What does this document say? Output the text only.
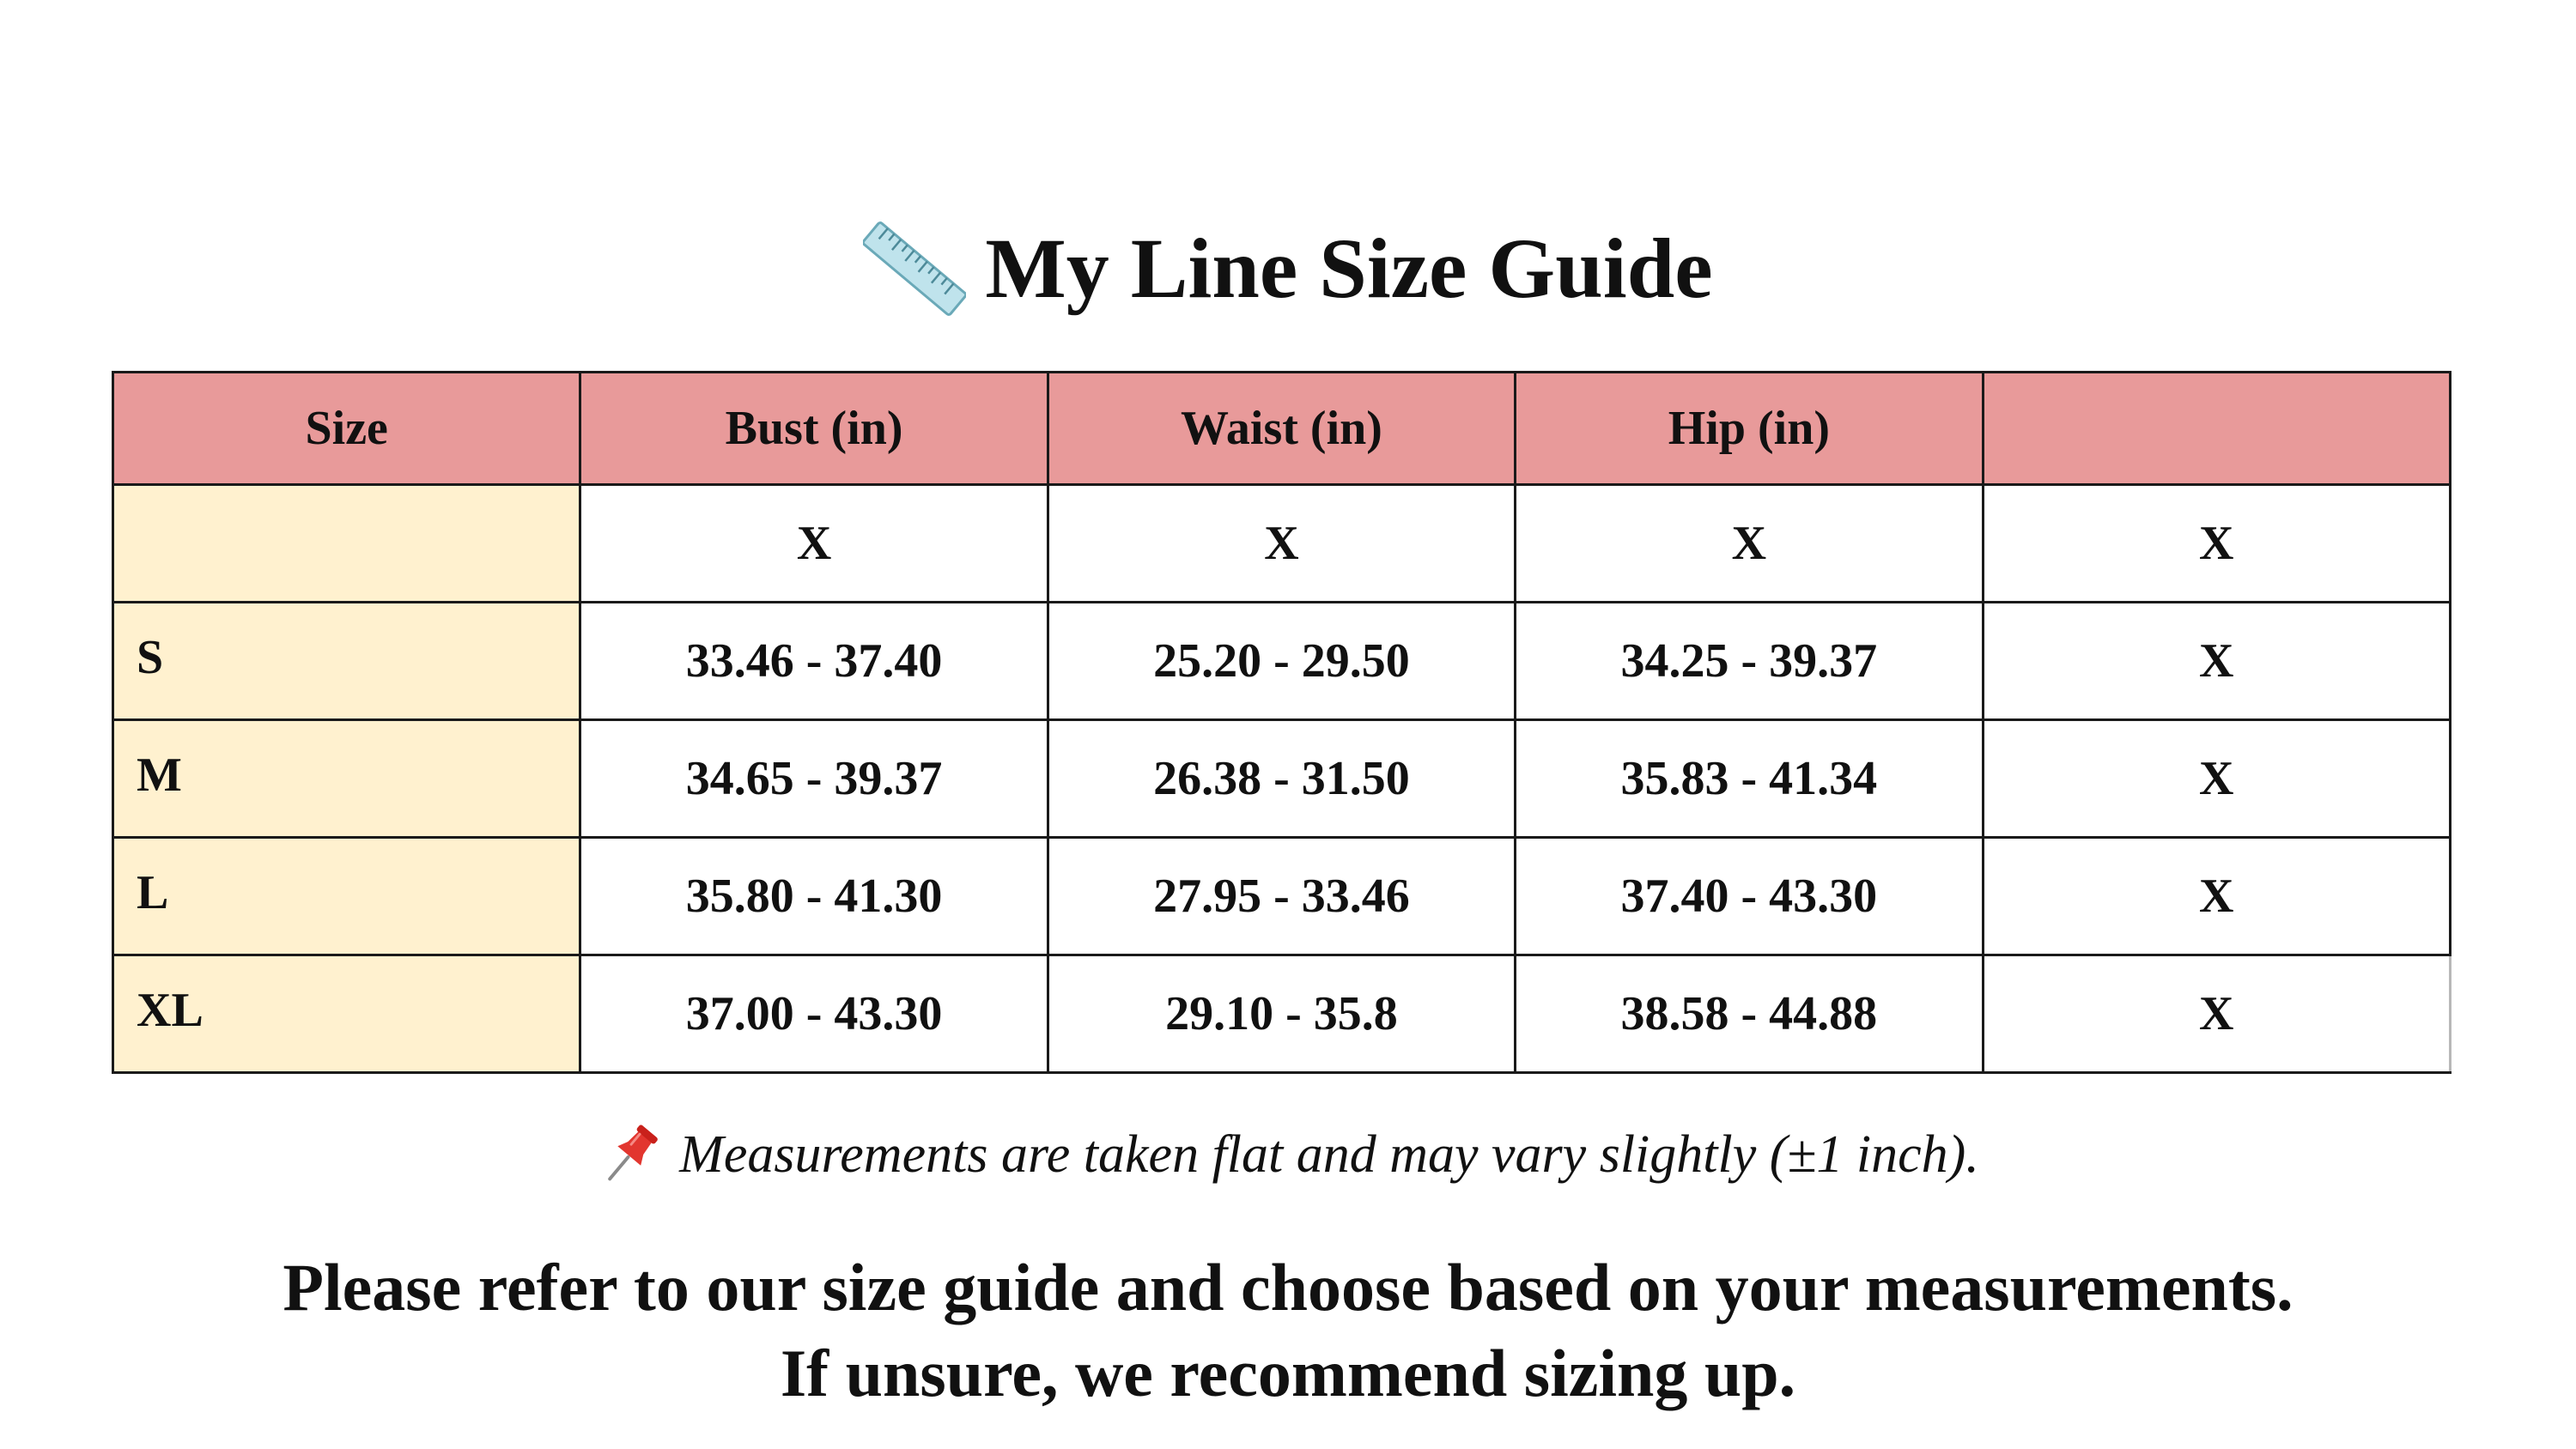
My Line Size Guide
Size	Bust (in)	Waist (in)	Hip (in)	
	X	X	X	X
S	33.46 - 37.40	25.20 - 29.50	34.25 - 39.37	X
M	34.65 - 39.37	26.38 - 31.50	35.83 - 41.34	X
L	35.80 - 41.30	27.95 - 33.46	37.40 - 43.30	X
XL	37.00 - 43.30	29.10 - 35.8	38.58 - 44.88	X
Measurements are taken flat and may vary slightly (±1 inch).
Please refer to our size guide and choose based on your measurements.
If unsure, we recommend sizing up.
